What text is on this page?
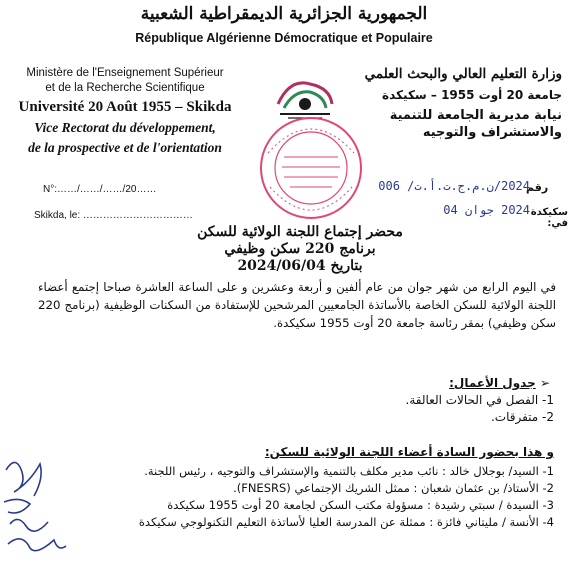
الجمهورية الجزائرية الديمقراطية الشعبية
République Algérienne Démocratique et Populaire
Ministère de l'Enseignement Supérieur
et de la Recherche Scientifique
Université 20 Août 1955 – Skikda
Vice Rectorat du développement,
de la prospective et de l'orientation
وزارة التعليم العالي والبحث العلمي
جامعة 20 أوت 1955 – سكيكدة
نيابة مديرية الجامعة للتنمية
والاستشراف والتوجيه
N°:……/……/……/20……
Skikda, le: ……………………………
رقم
2024/ن.م.ج.ت.أ.ت/ 006
سكيكدة في:
2024 جوان 04
محضر إجتماع اللجنة الولائية للسكن
برنامج 220 سكن وظيفي
بتاريخ 2024/06/04
في اليوم الرابع من شهر جوان من عام ألفين و أربعة وعشرين و على الساعة العاشرة صباحا إجتمع أعضاء اللجنة الولائية للسكن الخاصة بالأساتذة الجامعيين المرشحين للإستفادة من السكنات الوظيفية (برنامج 220 سكن وظيفي) بمقر رئاسة جامعة 20 أوت 1955 سكيكدة.
➢ جدول الأعمال:
1- الفصل في الحالات العالقة.
2- متفرقات.
و هذا بحضور السادة أعضاء اللجنة الولائية للسكن:
1- السيد/ بوجلال خالد : نائب مدير مكلف بالتنمية والإستشراف والتوجيه ، رئيس اللجنة.
2- الأستاذ/ بن عثمان شعبان : ممثل الشريك الإجتماعي (FNESRS).
3- السيدة / سبتي رشيدة : مسؤولة مكتب السكن لجامعة 20 أوت 1955 سكيكدة
4- الأنسة / مليتاني فائزة : ممثلة عن المدرسة العليا لأساتذة التعليم التكنولوجي سكيكدة
